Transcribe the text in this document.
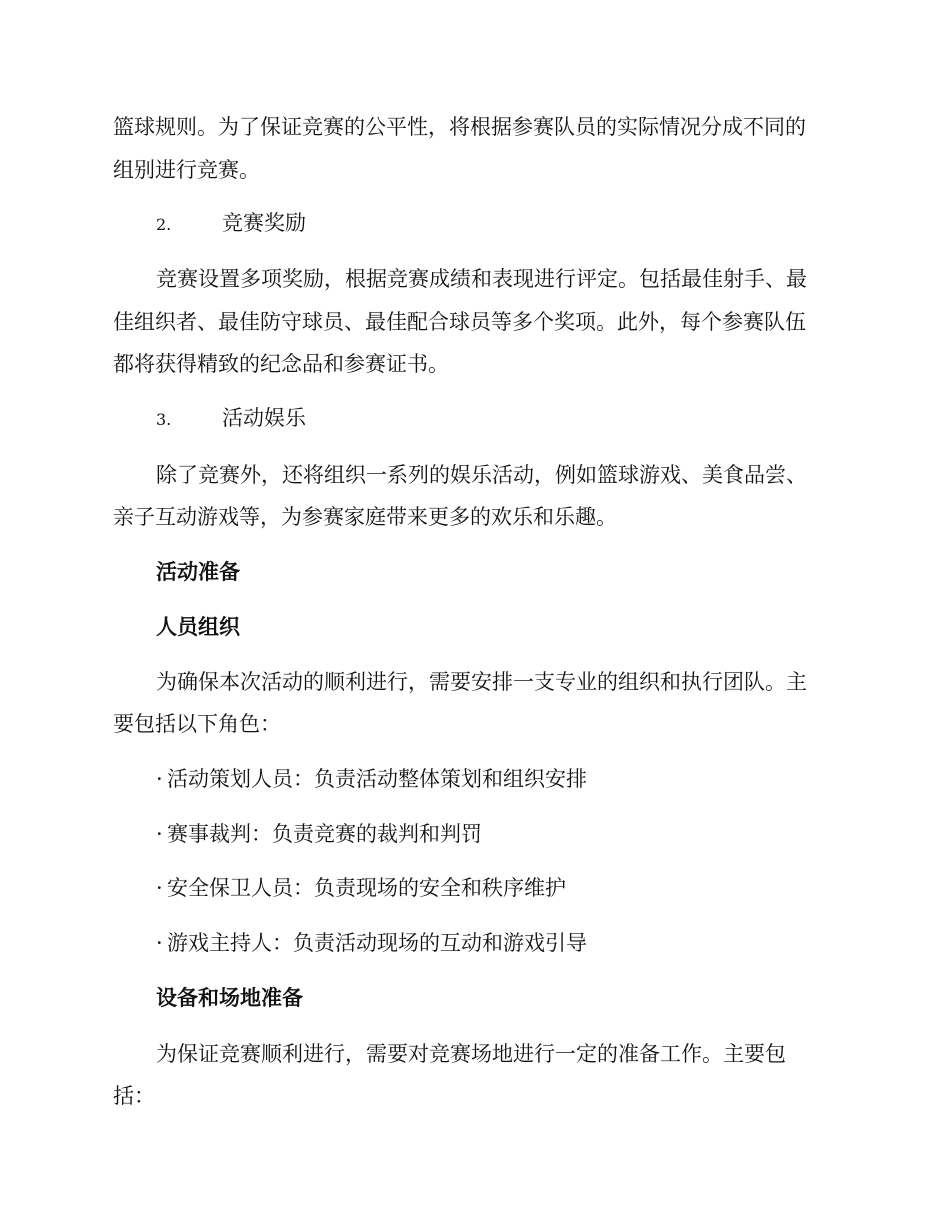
篮球规则。为了保证竞赛的公平性，将根据参赛队员的实际情况分成不同的
组别进行竞赛。
2. 竞赛奖励
竞赛设置多项奖励，根据竞赛成绩和表现进行评定。包括最佳射手、最
佳组织者、最佳防守球员、最佳配合球员等多个奖项。此外，每个参赛队伍
都将获得精致的纪念品和参赛证书。
3. 活动娱乐
除了竞赛外，还将组织一系列的娱乐活动，例如篮球游戏、美食品尝、
亲子互动游戏等，为参赛家庭带来更多的欢乐和乐趣。
活动准备
人员组织
为确保本次活动的顺利进行，需要安排一支专业的组织和执行团队。主
要包括以下角色：
· 活动策划人员：负责活动整体策划和组织安排
· 赛事裁判：负责竞赛的裁判和判罚
· 安全保卫人员：负责现场的安全和秩序维护
· 游戏主持人：负责活动现场的互动和游戏引导
设备和场地准备
为保证竞赛顺利进行，需要对竞赛场地进行一定的准备工作。主要包
括：
